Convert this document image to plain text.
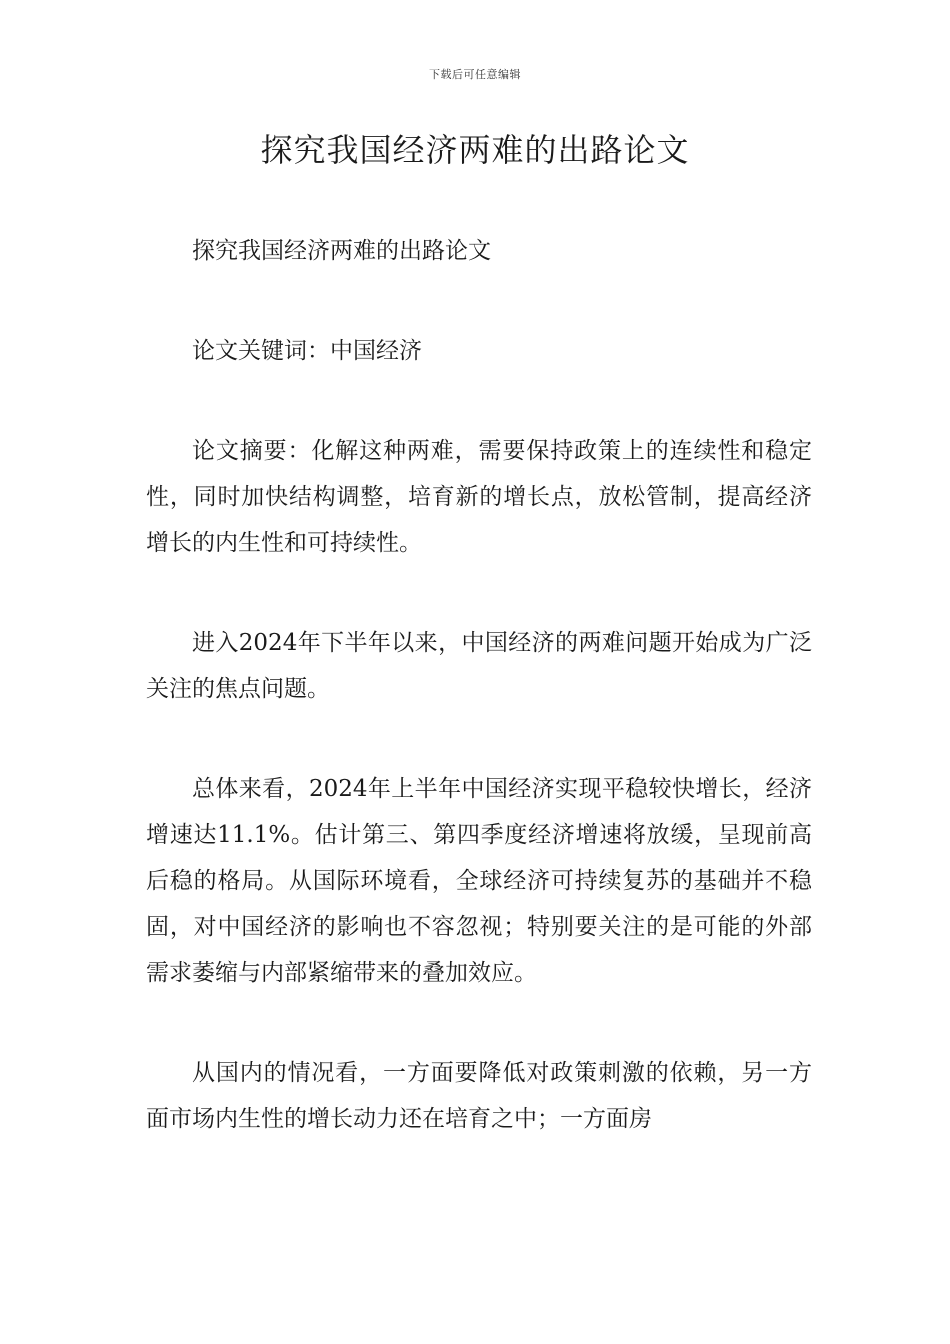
下载后可任意编辑
探究我国经济两难的出路论文

探究我国经济两难的出路论文

论文关键词：中国经济

论文摘要：化解这种两难，需要保持政策上的连续性和稳定性，同时加快结构调整，培育新的增长点，放松管制，提高经济增长的内生性和可持续性。

进入2024年下半年以来，中国经济的两难问题开始成为广泛关注的焦点问题。

总体来看，2024年上半年中国经济实现平稳较快增长，经济增速达11.1%。估计第三、第四季度经济增速将放缓，呈现前高后稳的格局。从国际环境看，全球经济可持续复苏的基础并不稳固，对中国经济的影响也不容忽视；特别要关注的是可能的外部需求萎缩与内部紧缩带来的叠加效应。

从国内的情况看，一方面要降低对政策刺激的依赖，另一方面市场内生性的增长动力还在培育之中；一方面房
